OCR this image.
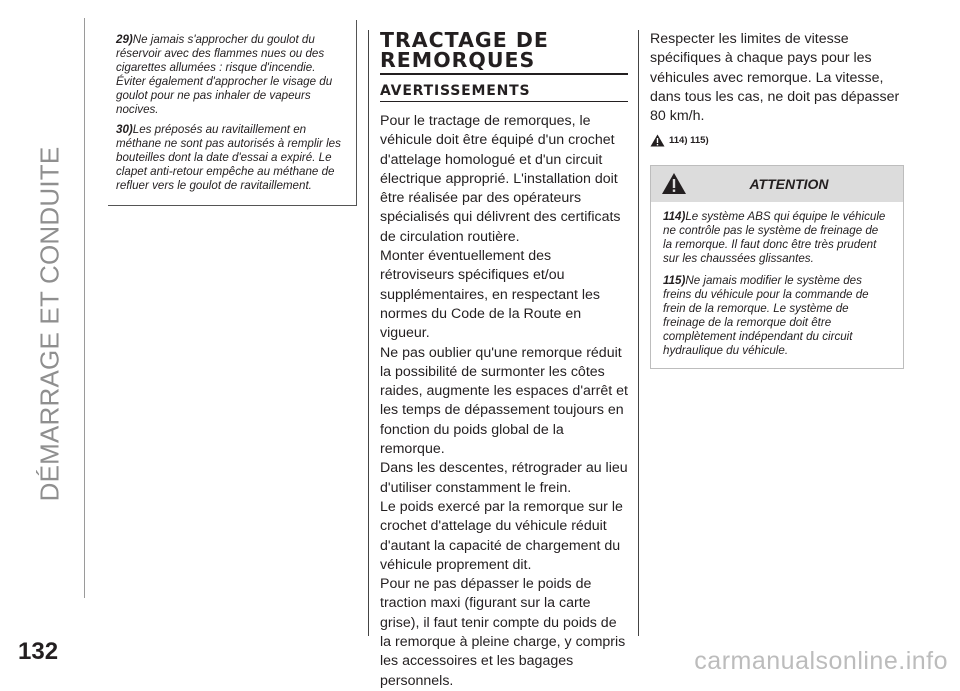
DÉMARRAGE ET CONDUITE
132

29)Ne jamais s'approcher du goulot du réservoir avec des flammes nues ou des cigarettes allumées : risque d'incendie. Éviter également d'approcher le visage du goulot pour ne pas inhaler de vapeurs nocives.

30)Les préposés au ravitaillement en méthane ne sont pas autorisés à remplir les bouteilles dont la date d'essai a expiré. Le clapet anti-retour empêche au méthane de refluer vers le goulot de ravitaillement.

TRACTAGE DE
REMORQUES
AVERTISSEMENTS

Pour le tractage de remorques, le véhicule doit être équipé d'un crochet d'attelage homologué et d'un circuit électrique approprié. L'installation doit être réalisée par des opérateurs spécialisés qui délivrent des certificats de circulation routière.

Monter éventuellement des rétroviseurs spécifiques et/ou supplémentaires, en respectant les normes du Code de la Route en vigueur.

Ne pas oublier qu'une remorque réduit la possibilité de surmonter les côtes raides, augmente les espaces d'arrêt et les temps de dépassement toujours en fonction du poids global de la remorque.

Dans les descentes, rétrograder au lieu d'utiliser constamment le frein.

Le poids exercé par la remorque sur le crochet d'attelage du véhicule réduit d'autant la capacité de chargement du véhicule proprement dit.

Pour ne pas dépasser le poids de traction maxi (figurant sur la carte grise), il faut tenir compte du poids de la remorque à pleine charge, y compris les accessoires et les bagages personnels.

Respecter les limites de vitesse spécifiques à chaque pays pour les véhicules avec remorque. La vitesse, dans tous les cas, ne doit pas dépasser 80 km/h.

114) 115)
ATTENTION

114)Le système ABS qui équipe le véhicule ne contrôle pas le système de freinage de la remorque. Il faut donc être très prudent sur les chaussées glissantes.

115)Ne jamais modifier le système des freins du véhicule pour la commande de frein de la remorque. Le système de freinage de la remorque doit être complètement indépendant du circuit hydraulique du véhicule.

carmanualsonline.info
